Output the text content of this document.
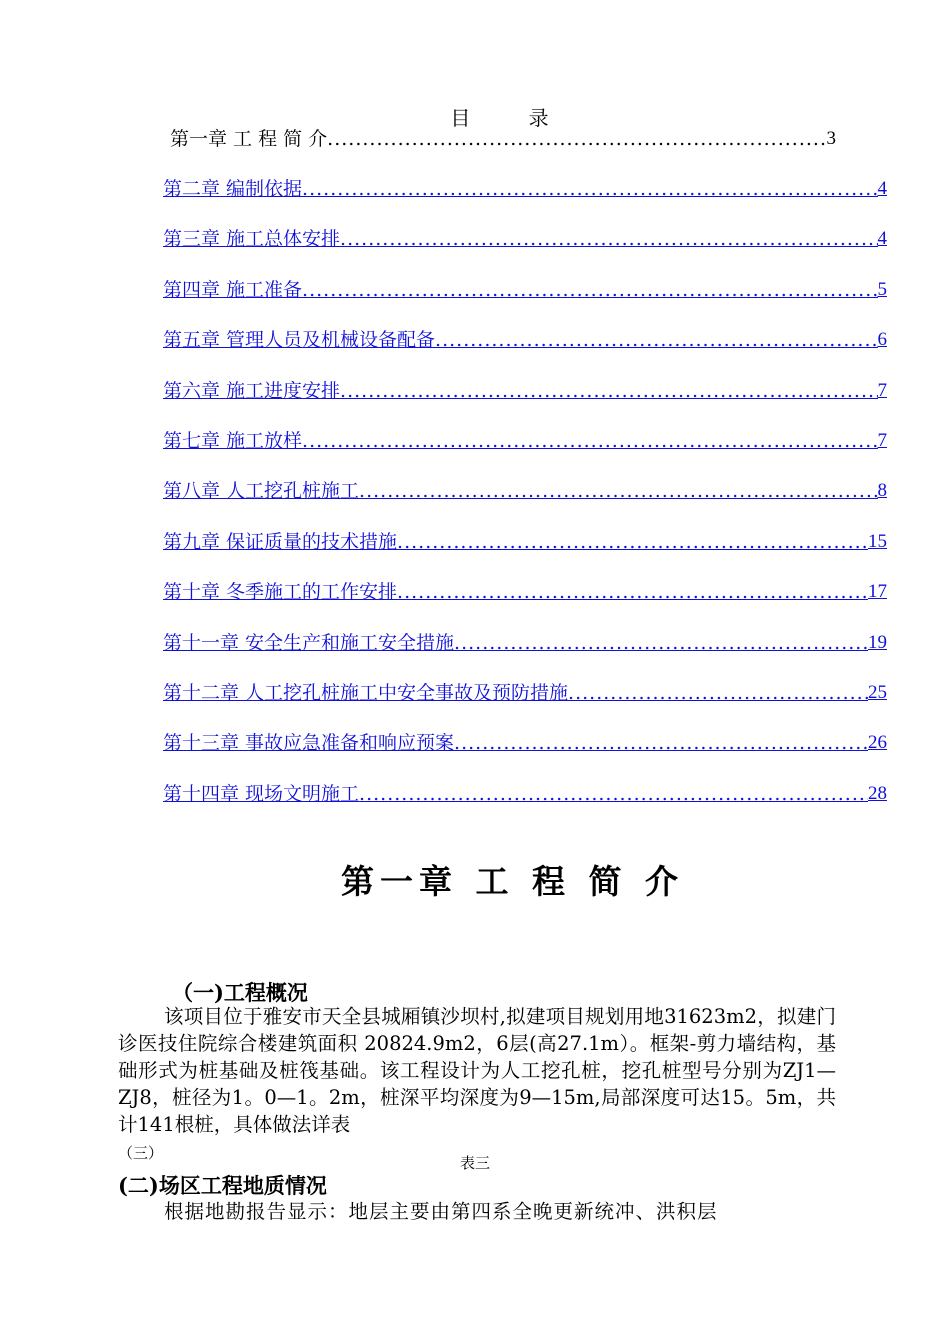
目 录
第一章 工 程 简 介 .....	3
第二章 编制依据 .....	4
第三章 施工总体安排 .....	4
第四章 施工准备 .....	5
第五章 管理人员及机械设备配备 .....	6
第六章 施工进度安排 .....	7
第七章 施工放样 .....	7
第八章 人工挖孔桩施工 .....	8
第九章 保证质量的技术措施 .....	15
第十章 冬季施工的工作安排 .....	17
第十一章 安全生产和施工安全措施 .....	19
第十二章 人工挖孔桩施工中安全事故及预防措施 .....	25
第十三章 事故应急准备和响应预案 .....	26
第十四章 现场文明施工 .....	28
第一章 工 程 简 介
（一)工程概况
该项目位于雅安市天全县城厢镇沙坝村,拟建项目规划用地31623m2，拟建门诊医技住院综合楼建筑面积 20824.9m2，6层(高27.1m）。框架-剪力墙结构，基础形式为桩基础及桩筏基础。该工程设计为人工挖孔桩，挖孔桩型号分别为ZJ1—ZJ8，桩径为1。0—1。2m，桩深平均深度为9—15m,局部深度可达15。5m，共计141根桩，具体做法详表
（三）
表三
(二)场区工程地质情况
根据地勘报告显示：地层主要由第四系全晚更新统冲、洪积层
